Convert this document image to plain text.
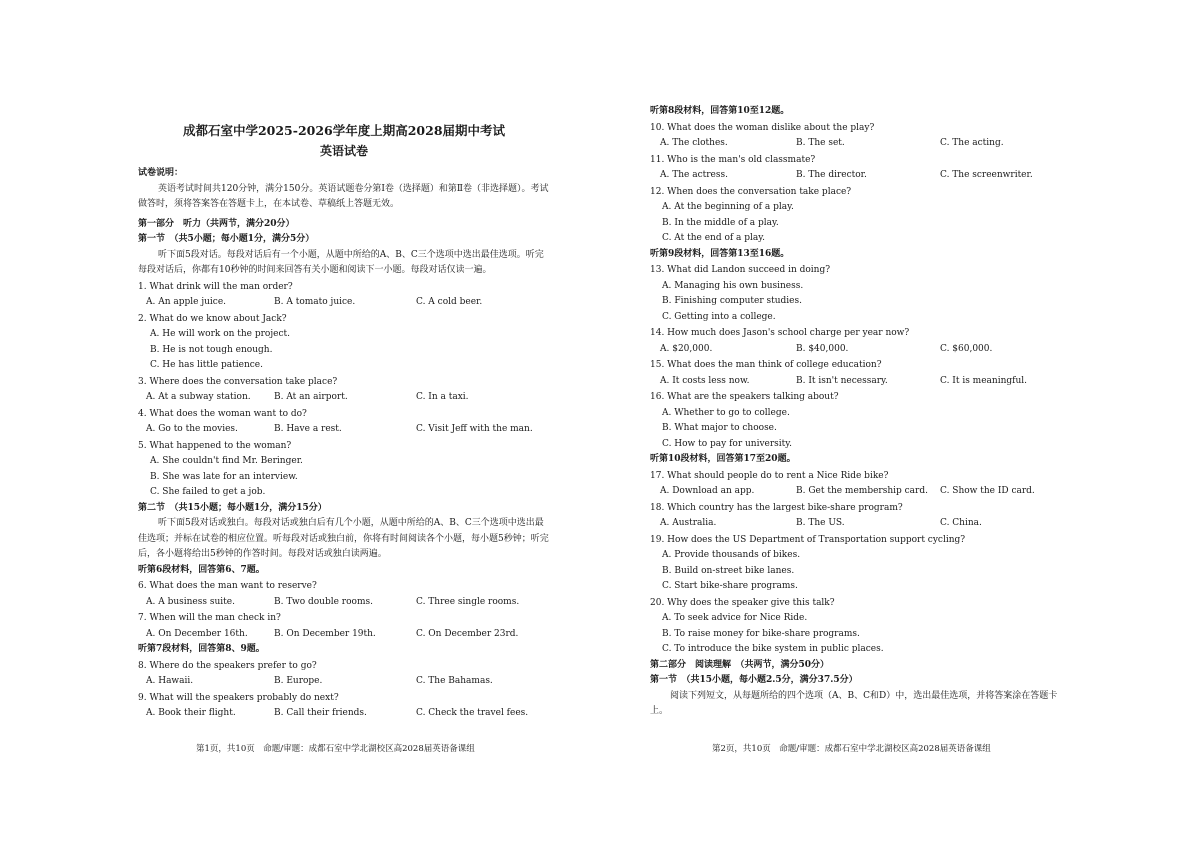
成都石室中学2025-2026学年度上期高2028届期中考试
英语试卷
试卷说明：
英语考试时间共120分钟，满分150分。英语试题卷分第Ⅰ卷（选择题）和第Ⅱ卷（非选择题）。考试做答时，须将答案答在答题卡上，在本试卷、草稿纸上答题无效。
第一部分　听力（共两节，满分20分）
第一节　（共5小题；每小题1分，满分5分）
听下面5段对话。每段对话后有一个小题，从题中所给的A、B、C三个选项中选出最佳选项。听完每段对话后，你都有10秒钟的时间来回答有关小题和阅读下一小题。每段对话仅读一遍。
1. What drink will the man order?
A. An apple juice.	B. A tomato juice.	C. A cold beer.
2. What do we know about Jack?
A. He will work on the project.
B. He is not tough enough.
C. He has little patience.
3. Where does the conversation take place?
A. At a subway station.	B. At an airport.	C. In a taxi.
4. What does the woman want to do?
A. Go to the movies.	B. Have a rest.	C. Visit Jeff with the man.
5. What happened to the woman?
A. She couldn't find Mr. Beringer.
B. She was late for an interview.
C. She failed to get a job.
第二节　（共15小题；每小题1分，满分15分）
听下面5段对话或独白。每段对话或独白后有几个小题，从题中所给的A、B、C三个选项中选出最佳选项；并标在试卷的相应位置。听每段对话或独白前，你将有时间阅读各个小题，每小题5秒钟；听完后，各小题将给出5秒钟的作答时间。每段对话或独白读两遍。
听第6段材料，回答第6、7题。
6. What does the man want to reserve?
A. A business suite.	B. Two double rooms.	C. Three single rooms.
7. When will the man check in?
A. On December 16th.	B. On December 19th.	C. On December 23rd.
听第7段材料，回答第8、9题。
8. Where do the speakers prefer to go?
A. Hawaii.	B. Europe.	C. The Bahamas.
9. What will the speakers probably do next?
A. Book their flight.	B. Call their friends.	C. Check the travel fees.
第1页，共10页　命题/审题：成都石室中学北湖校区高2028届英语备课组
听第8段材料，回答第10至12题。
10. What does the woman dislike about the play?
A. The clothes.	B. The set.	C. The acting.
11. Who is the man's old classmate?
A. The actress.	B. The director.	C. The screenwriter.
12. When does the conversation take place?
A. At the beginning of a play.
B. In the middle of a play.
C. At the end of a play.
听第9段材料，回答第13至16题。
13. What did Landon succeed in doing?
A. Managing his own business.
B. Finishing computer studies.
C. Getting into a college.
14. How much does Jason's school charge per year now?
A. $20,000.	B. $40,000.	C. $60,000.
15. What does the man think of college education?
A. It costs less now.	B. It isn't necessary.	C. It is meaningful.
16. What are the speakers talking about?
A. Whether to go to college.
B. What major to choose.
C. How to pay for university.
听第10段材料，回答第17至20题。
17. What should people do to rent a Nice Ride bike?
A. Download an app.	B. Get the membership card.	C. Show the ID card.
18. Which country has the largest bike-share program?
A. Australia.	B. The US.	C. China.
19. How does the US Department of Transportation support cycling?
A. Provide thousands of bikes.
B. Build on-street bike lanes.
C. Start bike-share programs.
20. Why does the speaker give this talk?
A. To seek advice for Nice Ride.
B. To raise money for bike-share programs.
C. To introduce the bike system in public places.
第二部分　阅读理解　（共两节，满分50分）
第一节　（共15小题，每小题2.5分，满分37.5分）
阅读下列短文，从每题所给的四个选项（A、B、C和D）中，选出最佳选项，并将答案涂在答题卡上。
第2页，共10页　命题/审题：成都石室中学北湖校区高2028届英语备课组
